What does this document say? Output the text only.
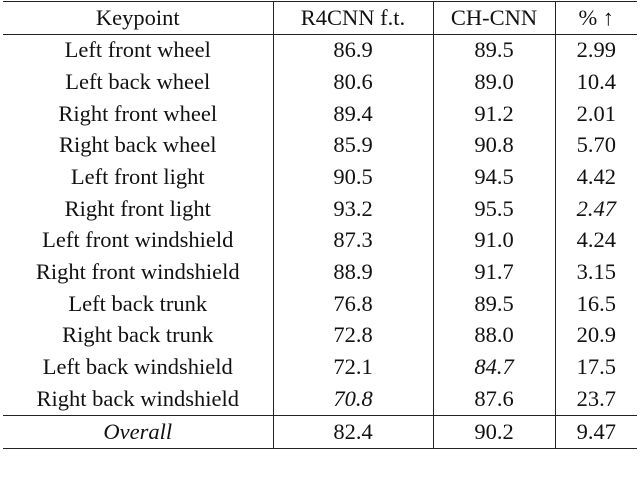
Keypoint	R4CNN f.t.	CH-CNN	% ↑
Left front wheel	86.9	89.5	2.99
Left back wheel	80.6	89.0	10.4
Right front wheel	89.4	91.2	2.01
Right back wheel	85.9	90.8	5.70
Left front light	90.5	94.5	4.42
Right front light	93.2	95.5	2.47
Left front windshield	87.3	91.0	4.24
Right front windshield	88.9	91.7	3.15
Left back trunk	76.8	89.5	16.5
Right back trunk	72.8	88.0	20.9
Left back windshield	72.1	84.7	17.5
Right back windshield	70.8	87.6	23.7
Overall	82.4	90.2	9.47
